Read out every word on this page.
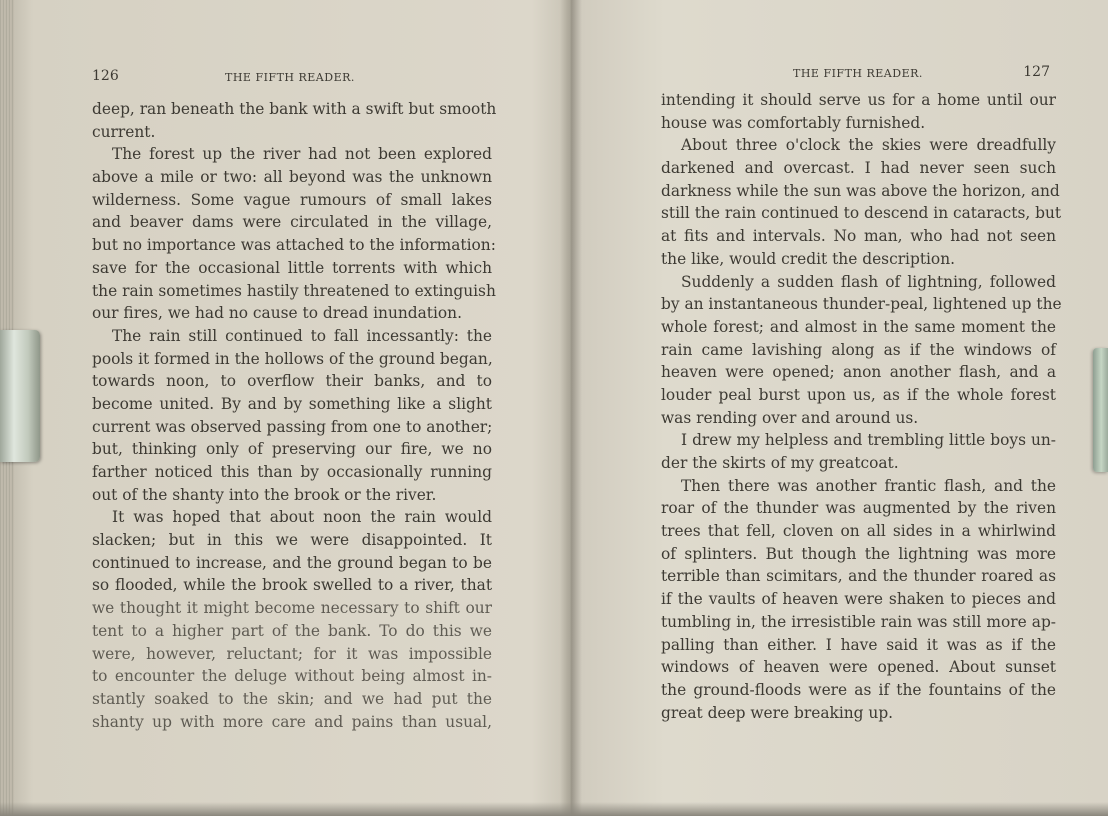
126	THE FIFTH READER.
deep, ran beneath the bank with a swift but smooth
current.
The forest up the river had not been explored
above a mile or two: all beyond was the unknown
wilderness. Some vague rumours of small lakes
and beaver dams were circulated in the village,
but no importance was attached to the information:
save for the occasional little torrents with which
the rain sometimes hastily threatened to extinguish
our fires, we had no cause to dread inundation.
The rain still continued to fall incessantly: the
pools it formed in the hollows of the ground began,
towards noon, to overflow their banks, and to
become united. By and by something like a slight
current was observed passing from one to another;
but, thinking only of preserving our fire, we no
farther noticed this than by occasionally running
out of the shanty into the brook or the river.
It was hoped that about noon the rain would
slacken; but in this we were disappointed. It
continued to increase, and the ground began to be
so flooded, while the brook swelled to a river, that
we thought it might become necessary to shift our
tent to a higher part of the bank. To do this we
were, however, reluctant; for it was impossible
to encounter the deluge without being almost in-
stantly soaked to the skin; and we had put the
shanty up with more care and pains than usual,
THE FIFTH READER.	127
intending it should serve us for a home until our
house was comfortably furnished.
About three o'clock the skies were dreadfully
darkened and overcast. I had never seen such
darkness while the sun was above the horizon, and
still the rain continued to descend in cataracts, but
at fits and intervals. No man, who had not seen
the like, would credit the description.
Suddenly a sudden flash of lightning, followed
by an instantaneous thunder-peal, lightened up the
whole forest; and almost in the same moment the
rain came lavishing along as if the windows of
heaven were opened; anon another flash, and a
louder peal burst upon us, as if the whole forest
was rending over and around us.
I drew my helpless and trembling little boys un-
der the skirts of my greatcoat.
Then there was another frantic flash, and the
roar of the thunder was augmented by the riven
trees that fell, cloven on all sides in a whirlwind
of splinters. But though the lightning was more
terrible than scimitars, and the thunder roared as
if the vaults of heaven were shaken to pieces and
tumbling in, the irresistible rain was still more ap-
palling than either. I have said it was as if the
windows of heaven were opened. About sunset
the ground-floods were as if the fountains of the
great deep were breaking up.
